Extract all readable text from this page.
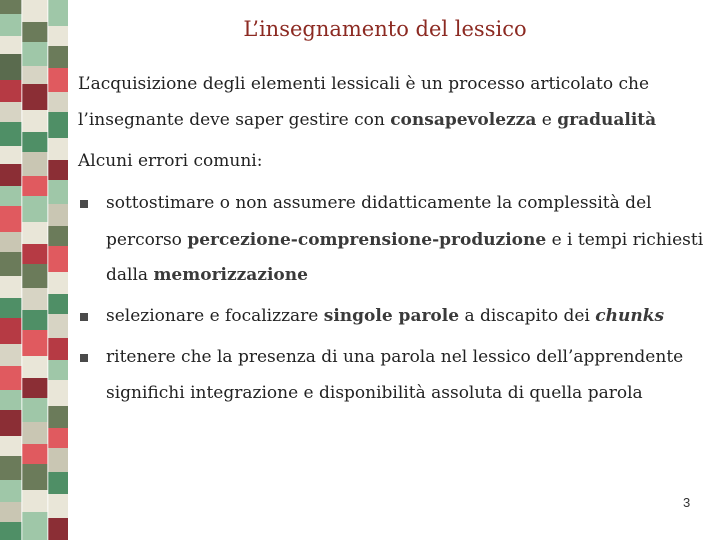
L’insegnamento del lessico
L’acquisizione degli elementi lessicali è un processo articolato che
l’insegnante deve saper gestire con consapevolezza e gradualità
Alcuni errori comuni:
sottostimare o non assumere didatticamente la complessità del
percorso percezione-comprensione-produzione e i tempi richiesti
dalla memorizzazione
selezionare e focalizzare singole parole a discapito dei chunks
ritenere che la presenza di una parola nel lessico dell’apprendente
significhi integrazione e disponibilità assoluta di quella parola
3
